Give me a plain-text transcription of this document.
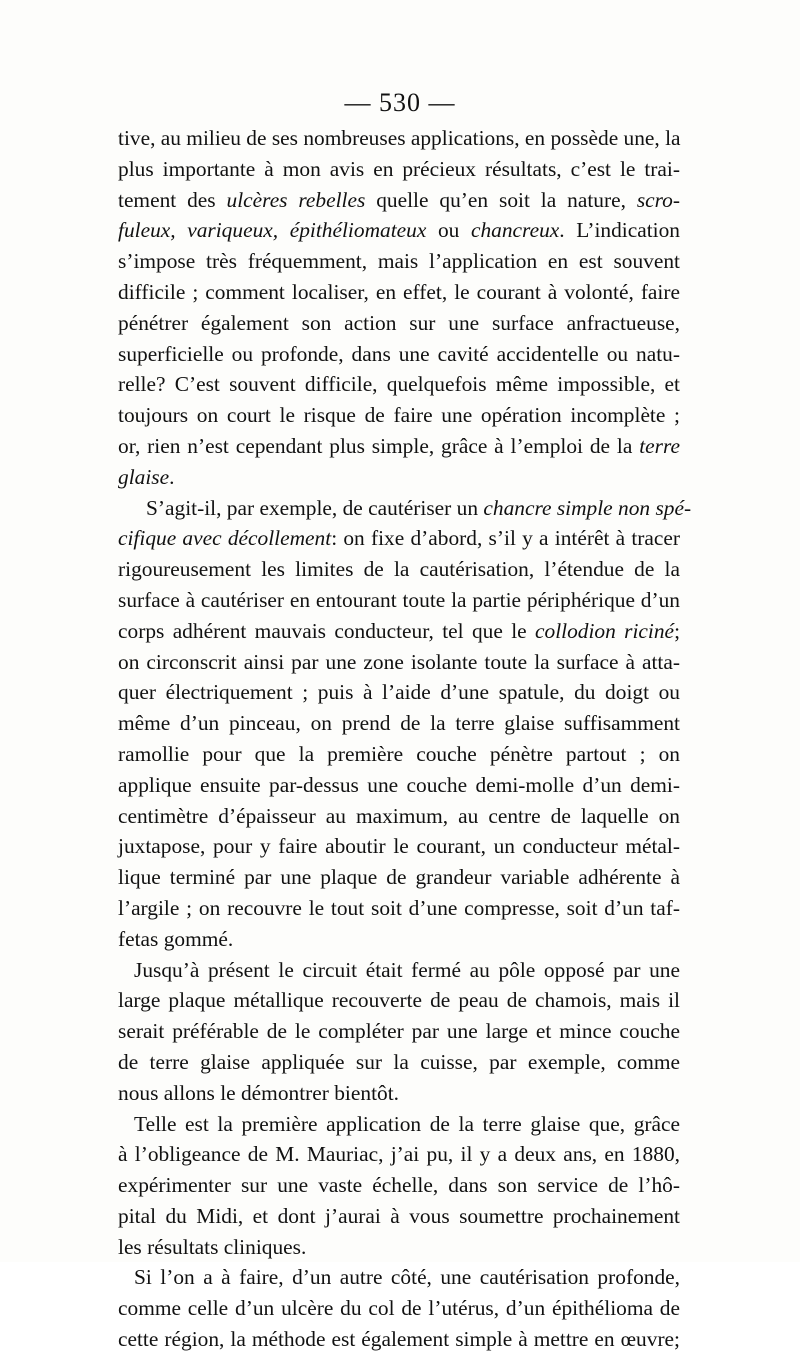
— 530 —
tive, au milieu de ses nombreuses applications, en possède une, la
plus importante à mon avis en précieux résultats, c’est le trai-
tement des ulcères rebelles quelle qu’en soit la nature, scro-
fuleux, variqueux, épithéliomateux ou chancreux. L’indication
s’impose très fréquemment, mais l’application en est souvent
difficile ; comment localiser, en effet, le courant à volonté, faire
pénétrer également son action sur une surface anfractueuse,
superficielle ou profonde, dans une cavité accidentelle ou natu-
relle? C’est souvent difficile, quelquefois même impossible, et
toujours on court le risque de faire une opération incomplète ;
or, rien n’est cependant plus simple, grâce à l’emploi de la terre
glaise.
S’agit-il, par exemple, de cautériser un chancre simple non spé-
cifique avec décollement: on fixe d’abord, s’il y a intérêt à tracer
rigoureusement les limites de la cautérisation, l’étendue de la
surface à cautériser en entourant toute la partie périphérique d’un
corps adhérent mauvais conducteur, tel que le collodion riciné;
on circonscrit ainsi par une zone isolante toute la surface à atta-
quer électriquement ; puis à l’aide d’une spatule, du doigt ou
même d’un pinceau, on prend de la terre glaise suffisamment
ramollie pour que la première couche pénètre partout ; on
applique ensuite par-dessus une couche demi-molle d’un demi-
centimètre d’épaisseur au maximum, au centre de laquelle on
juxtapose, pour y faire aboutir le courant, un conducteur métal-
lique terminé par une plaque de grandeur variable adhérente à
l’argile ; on recouvre le tout soit d’une compresse, soit d’un taf-
fetas gommé.
Jusqu’à présent le circuit était fermé au pôle opposé par une
large plaque métallique recouverte de peau de chamois, mais il
serait préférable de le compléter par une large et mince couche
de terre glaise appliquée sur la cuisse, par exemple, comme
nous allons le démontrer bientôt.
Telle est la première application de la terre glaise que, grâce
à l’obligeance de M. Mauriac, j’ai pu, il y a deux ans, en 1880,
expérimenter sur une vaste échelle, dans son service de l’hô-
pital du Midi, et dont j’aurai à vous soumettre prochainement
les résultats cliniques.
Si l’on a à faire, d’un autre côté, une cautérisation profonde,
comme celle d’un ulcère du col de l’utérus, d’un épithélioma de
cette région, la méthode est également simple à mettre en œuvre;
